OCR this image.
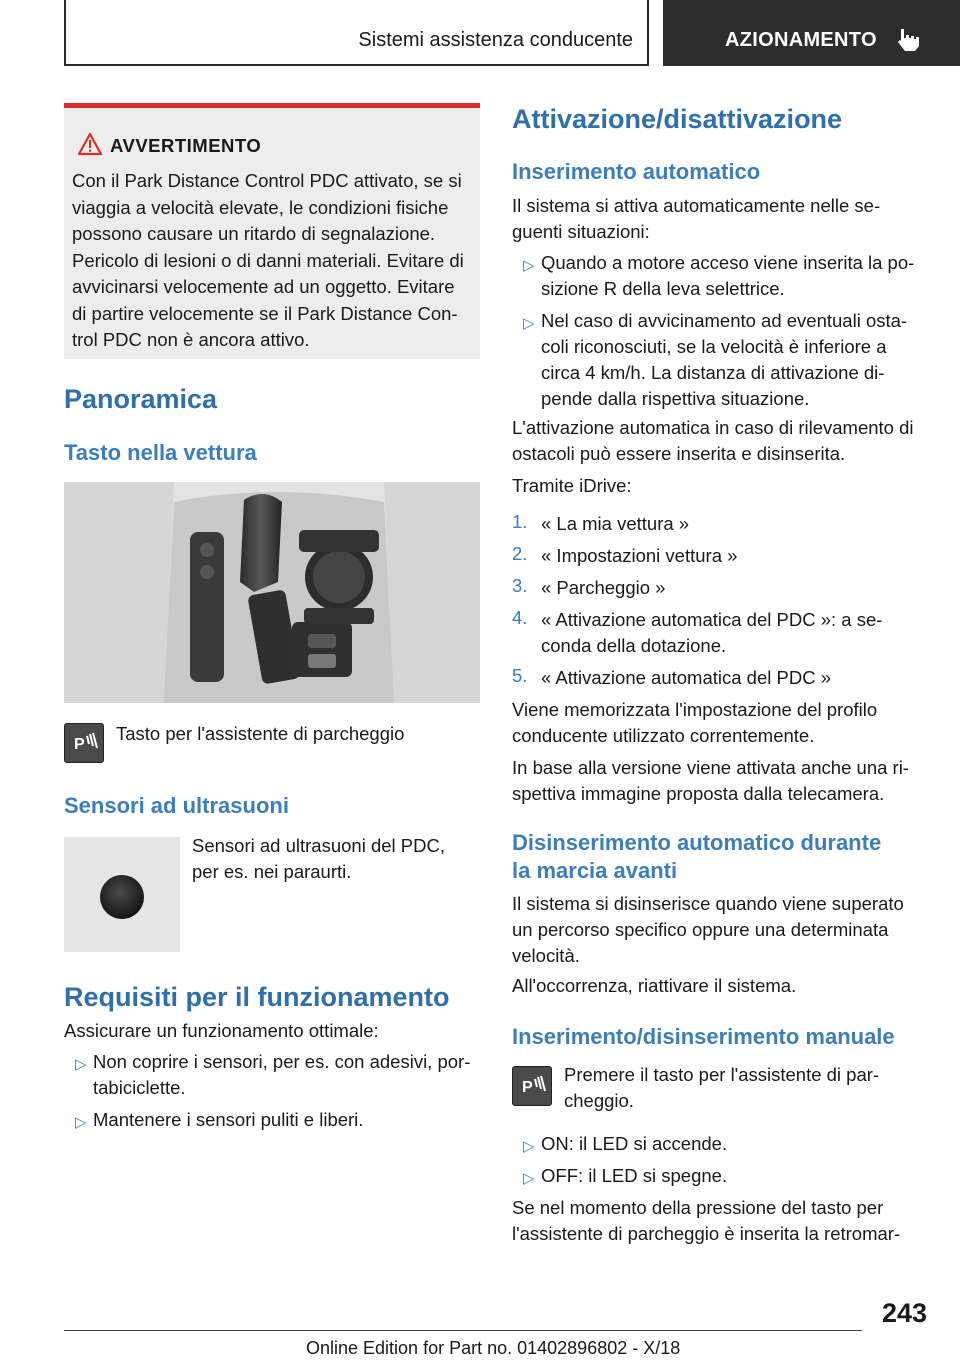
Sistemi assistenza conducente	AZIONAMENTO
AVVERTIMENTO
Con il Park Distance Control PDC attivato, se si
viaggia a velocità elevate, le condizioni fisiche
possono causare un ritardo di segnalazione.
Pericolo di lesioni o di danni materiali. Evitare di
avvicinarsi velocemente ad un oggetto. Evitare
di partire velocemente se il Park Distance Con-
trol PDC non è ancora attivo.
Panoramica
Tasto nella vettura
P
Tasto per l'assistente di parcheggio
Sensori ad ultrasuoni
Sensori ad ultrasuoni del PDC,
per es. nei paraurti.
Requisiti per il funzionamento
Assicurare un funzionamento ottimale:
▷ Non coprire i sensori, per es. con adesivi, por-
tabiciclette.
▷ Mantenere i sensori puliti e liberi.
Attivazione/disattivazione
Inserimento automatico
Il sistema si attiva automaticamente nelle se-
guenti situazioni:
▷ Quando a motore acceso viene inserita la po-
sizione R della leva selettrice.
▷ Nel caso di avvicinamento ad eventuali osta-
coli riconosciuti, se la velocità è inferiore a
circa 4 km/h. La distanza di attivazione di-
pende dalla rispettiva situazione.
L'attivazione automatica in caso di rilevamento di
ostacoli può essere inserita e disinserita.
Tramite iDrive:
1. « La mia vettura »
2. « Impostazioni vettura »
3. « Parcheggio »
4. « Attivazione automatica del PDC »: a se-
conda della dotazione.
5. « Attivazione automatica del PDC »
Viene memorizzata l'impostazione del profilo
conducente utilizzato correntemente.
In base alla versione viene attivata anche una ri-
spettiva immagine proposta dalla telecamera.
Disinserimento automatico durante
la marcia avanti
Il sistema si disinserisce quando viene superato
un percorso specifico oppure una determinata
velocità.
All'occorrenza, riattivare il sistema.
Inserimento/disinserimento manuale
P
Premere il tasto per l'assistente di par-
cheggio.
▷ ON: il LED si accende.
▷ OFF: il LED si spegne.
Se nel momento della pressione del tasto per
l'assistente di parcheggio è inserita la retromar-
243
Online Edition for Part no. 01402896802 - X/18
